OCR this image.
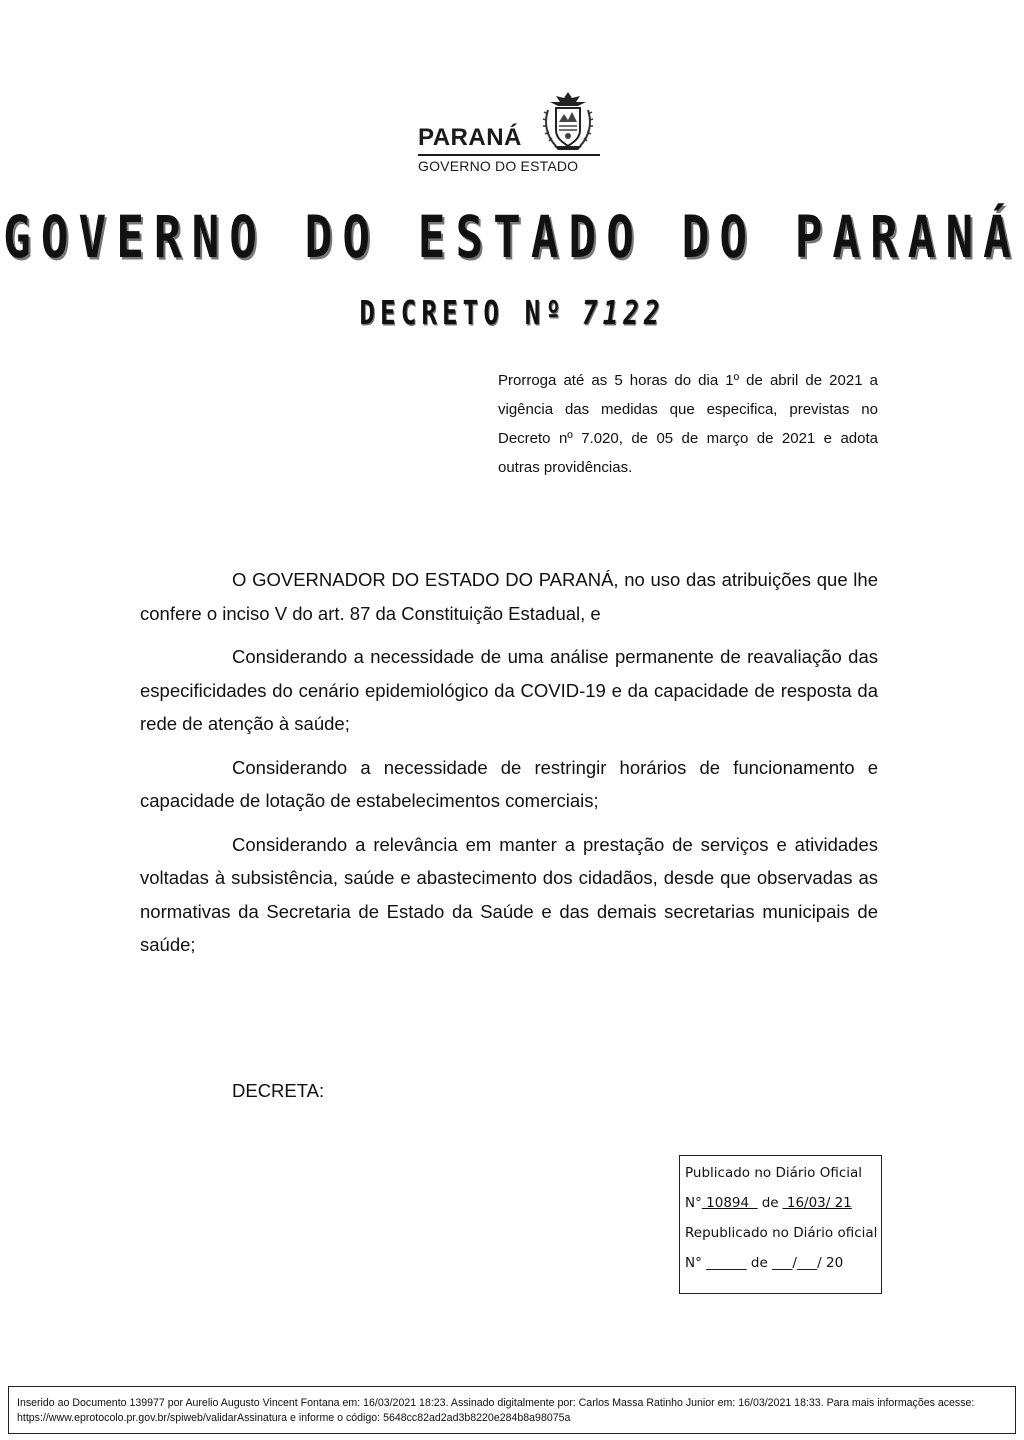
PARANÁ
GOVERNO DO ESTADO
GOVERNO DO ESTADO DO PARANÁ
DECRETO Nº 7122
Prorroga até as 5 horas do dia 1º de abril de 2021 a vigência das medidas que especifica, previstas no Decreto nº 7.020, de 05 de março de 2021 e adota outras providências.

O GOVERNADOR DO ESTADO DO PARANÁ, no uso das atribuições que lhe confere o inciso V do art. 87 da Constituição Estadual, e

Considerando a necessidade de uma análise permanente de reavaliação das especificidades do cenário epidemiológico da COVID-19 e da capacidade de resposta da rede de atenção à saúde;

Considerando a necessidade de restringir horários de funcionamento e capacidade de lotação de estabelecimentos comerciais;

Considerando a relevância em manter a prestação de serviços e atividades voltadas à subsistência, saúde e abastecimento dos cidadãos, desde que observadas as normativas da Secretaria de Estado da Saúde e das demais secretarias municipais de saúde;

DECRETA:
Publicado no Diário Oficial
N° 10894  de 16/03/ 21
Republicado no Diário oficial
N° ______ de ___/___/ 20
Inserido ao Documento 139977 por Aurelio Augusto Vincent Fontana em: 16/03/2021 18:23. Assinado digitalmente por: Carlos Massa Ratinho Junior em: 16/03/2021 18:33. Para mais informações acesse: https://www.eprotocolo.pr.gov.br/spiweb/validarAssinatura e informe o código: 5648cc82ad2ad3b8220e284b8a98075a
